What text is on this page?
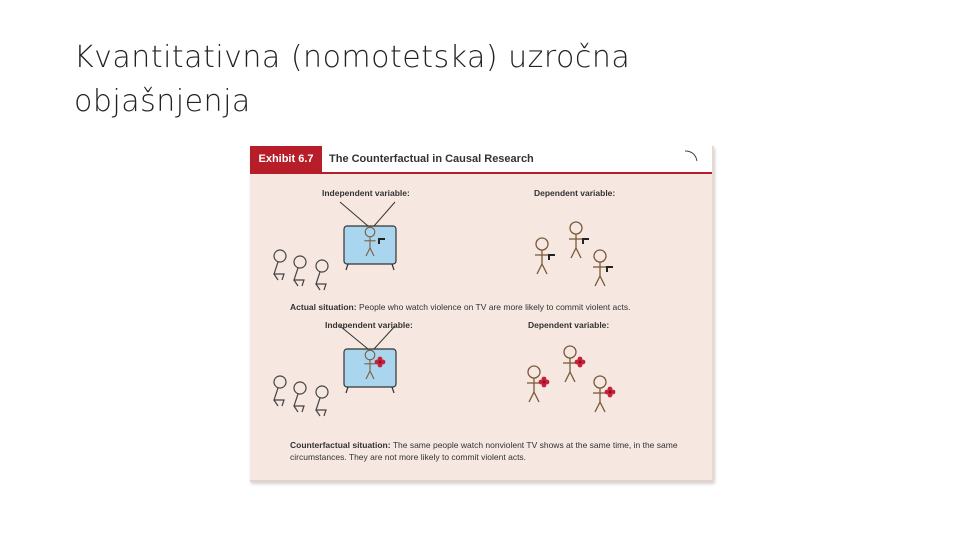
Kvantitativna (nomotetska) uzročna
objašnjenja
Exhibit 6.7	The Counterfactual in Causal Research
Independent variable:	Dependent variable:
Actual situation: People who watch violence on TV are more likely to commit violent acts.
Independent variable:	Dependent variable:
Counterfactual situation: The same people watch nonviolent TV shows at the same time, in the same circumstances. They are not more likely to commit violent acts.
